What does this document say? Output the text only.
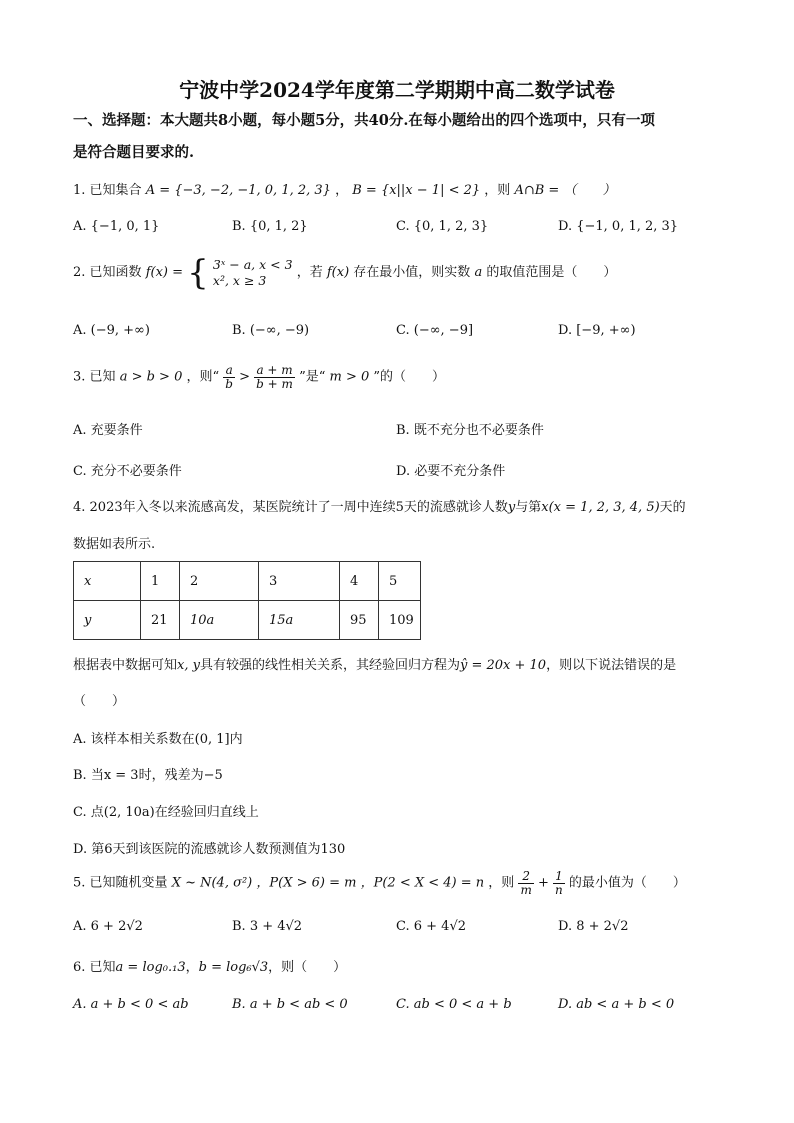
宁波中学2024学年度第二学期期中高二数学试卷
一、选择题：本大题共8小题，每小题5分，共40分.在每小题给出的四个选项中，只有一项
是符合题目要求的.
1. 已知集合 A = {−3, −2, −1, 0, 1, 2, 3} ， B = {x||x − 1| < 2} ，则 A∩B = （　　）
A. {−1, 0, 1}	B. {0, 1, 2}	C. {0, 1, 2, 3}	D. {−1, 0, 1, 2, 3}
2. 已知函数 f(x) = { 3ˣ − a, x < 3
x², x ≥ 3
，若 f(x) 存在最小值，则实数 a 的取值范围是（　　）
A. (−9, +∞)	B. (−∞, −9)	C. (−∞, −9]	D. [−9, +∞)
3. 已知 a > b > 0 ，则“ $\frac{a}{b} > \frac{a + m}{b + m}$ ”是“ m > 0 ”的（　　）
A. 充要条件	B. 既不充分也不必要条件
C. 充分不必要条件	D. 必要不充分条件
4. 2023年入冬以来流感高发，某医院统计了一周中连续5天的流感就诊人数y与第x(x = 1, 2, 3, 4, 5)天的
数据如表所示.
x	1	2	3	4	5
y	21	10a	15a	95	109
根据表中数据可知x, y具有较强的线性相关关系，其经验回归方程为ŷ = 20x + 10，则以下说法错误的是
（　　）
A. 该样本相关系数在(0, 1]内
B. 当x = 3时，残差为−5
C. 点(2, 10a)在经验回归直线上
D. 第6天到该医院的流感就诊人数预测值为130
5. 已知随机变量 X ~ N(4, σ²) ，P(X > 6) = m ，P(2 < X < 4) = n ，则 $\frac{2}{m} + \frac{1}{n}$ 的最小值为（　　）
A. 6 + 2√2	B. 3 + 4√2	C. 6 + 4√2	D. 8 + 2√2
6. 已知a = log₀.₁3，b = log₆√3，则（　　）
A. a + b < 0 < ab	B. a + b < ab < 0	C. ab < 0 < a + b	D. ab < a + b < 0
